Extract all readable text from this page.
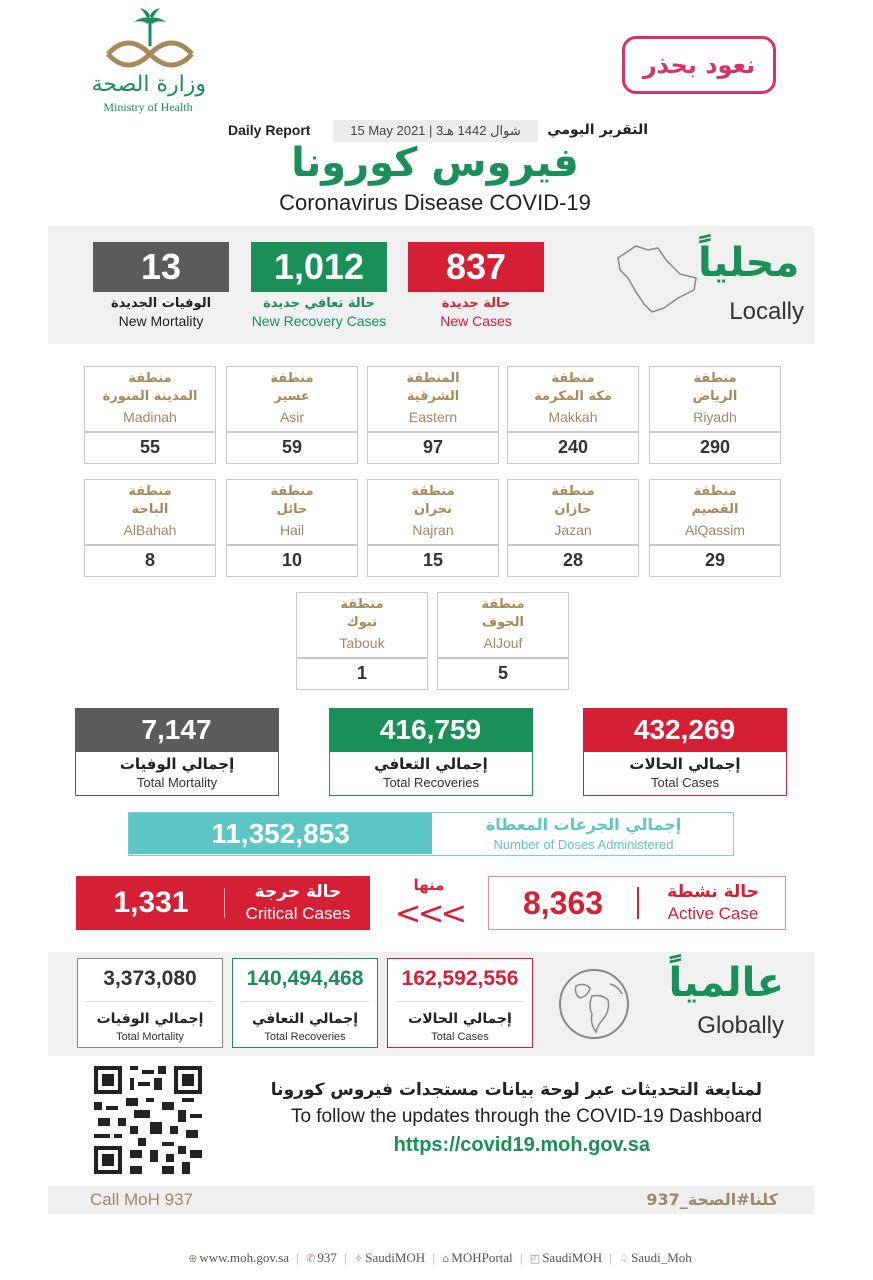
وزارة الصحة
Ministry of Health
نعود بحذر
Daily Report	15 May 2021 | 3شوال 1442 هـ	التقرير اليومي
فيروس كورونا
Coronavirus Disease COVID-19
13
الوفيات الجديدة
New Mortality
1,012
حالة تعافي جديدة
New Recovery Cases
837
حالة جديدة
New Cases
محلياً
Locally
منطقة
الرياض
Riyadh
290
منطقة
مكة المكرمة
Makkah
240
المنطقة
الشرقية
Eastern
97
منطقة
عسير
Asir
59
منطقة
المدينة المنورة
Madinah
55
منطقة
القصيم
AlQassim
29
منطقة
جازان
Jazan
28
منطقة
نجران
Najran
15
منطقة
حائل
Hail
10
منطقة
الباحة
AlBahah
8
منطقة
الجوف
AlJouf
5
منطقة
تبوك
Tabouk
1
7,147
إجمالي الوفيات
Total Mortality
416,759
إجمالي التعافي
Total Recoveries
432,269
إجمالي الحالات
Total Cases
11,352,853	إجمالي الجرعات المعطاة
Number of Doses Administered
1,331	حالة حرجة
Critical Cases
منها
<<<	8,363	حالة نشطة
Active Case
3,373,080
إجمالي الوفيات
Total Mortality
140,494,468
إجمالي التعافي
Total Recoveries
162,592,556
إجمالي الحالات
Total Cases
عالمياً
Globally
لمتابعة التحديثات عبر لوحة بيانات مستجدات فيروس كورونا
To follow the updates through the COVID-19 Dashboard
https://covid19.moh.gov.sa
Call MoH 937	كلنا#الصحة_937
⊕ www.moh.gov.sa | ✆ 937 | ✧ SaudiMOH | ⌂ MOHPortal | ◰ SaudiMOH | ♤ Saudi_Moh
